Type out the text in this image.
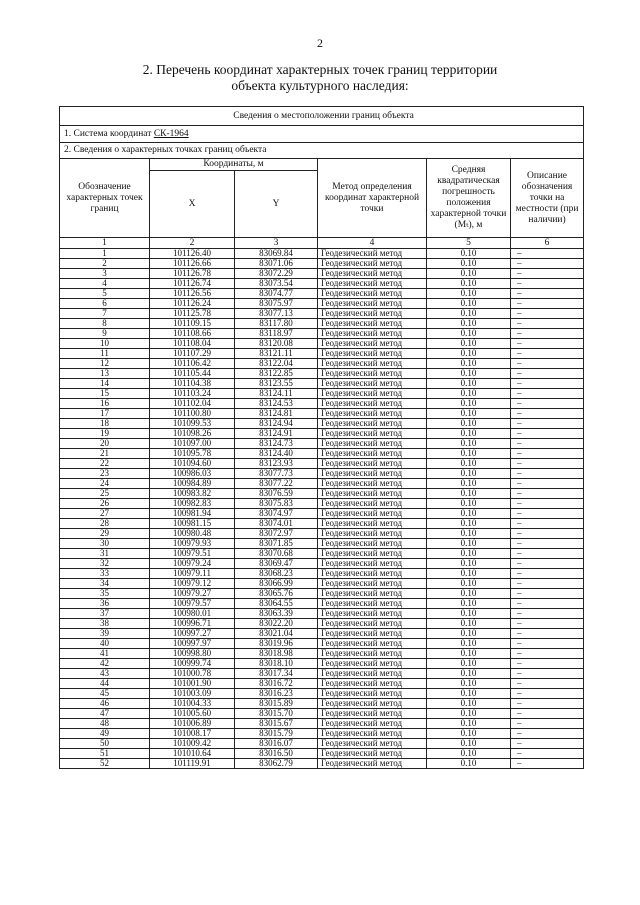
2
2. Перечень координат характерных точек границ территории
объекта культурного наследия:
Сведения о местоположении границ объекта					
1. Система координат СК-1964					
2. Сведения о характерных точках границ объекта					
Обозначение характерных точек границ	Координаты, м		Метод определения координат характерной точки	Средняя квадратическая погрешность положения характерной точки (Mₜ), м	Описание обозначения точки на местности (при наличии)
	X	Y			
1	2	3	4	5	6
1	101126.40	83069.84	Геодезический метод	0.10	–
2	101126.66	83071.06	Геодезический метод	0.10	–
3	101126.78	83072.29	Геодезический метод	0.10	–
4	101126.74	83073.54	Геодезический метод	0.10	–
5	101126.56	83074.77	Геодезический метод	0.10	–
6	101126.24	83075.97	Геодезический метод	0.10	–
7	101125.78	83077.13	Геодезический метод	0.10	–
8	101109.15	83117.80	Геодезический метод	0.10	–
9	101108.66	83118.97	Геодезический метод	0.10	–
10	101108.04	83120.08	Геодезический метод	0.10	–
11	101107.29	83121.11	Геодезический метод	0.10	–
12	101106.42	83122.04	Геодезический метод	0.10	–
13	101105.44	83122.85	Геодезический метод	0.10	–
14	101104.38	83123.55	Геодезический метод	0.10	–
15	101103.24	83124.11	Геодезический метод	0.10	–
16	101102.04	83124.53	Геодезический метод	0.10	–
17	101100.80	83124.81	Геодезический метод	0.10	–
18	101099.53	83124.94	Геодезический метод	0.10	–
19	101098.26	83124.91	Геодезический метод	0.10	–
20	101097.00	83124.73	Геодезический метод	0.10	–
21	101095.78	83124.40	Геодезический метод	0.10	–
22	101094.60	83123.93	Геодезический метод	0.10	–
23	100986.03	83077.73	Геодезический метод	0.10	–
24	100984.89	83077.22	Геодезический метод	0.10	–
25	100983.82	83076.59	Геодезический метод	0.10	–
26	100982.83	83075.83	Геодезический метод	0.10	–
27	100981.94	83074.97	Геодезический метод	0.10	–
28	100981.15	83074.01	Геодезический метод	0.10	–
29	100980.48	83072.97	Геодезический метод	0.10	–
30	100979.93	83071.85	Геодезический метод	0.10	–
31	100979.51	83070.68	Геодезический метод	0.10	–
32	100979.24	83069.47	Геодезический метод	0.10	–
33	100979.11	83068.23	Геодезический метод	0.10	–
34	100979.12	83066.99	Геодезический метод	0.10	–
35	100979.27	83065.76	Геодезический метод	0.10	–
36	100979.57	83064.55	Геодезический метод	0.10	–
37	100980.01	83063.39	Геодезический метод	0.10	–
38	100996.71	83022.20	Геодезический метод	0.10	–
39	100997.27	83021.04	Геодезический метод	0.10	–
40	100997.97	83019.96	Геодезический метод	0.10	–
41	100998.80	83018.98	Геодезический метод	0.10	–
42	100999.74	83018.10	Геодезический метод	0.10	–
43	101000.78	83017.34	Геодезический метод	0.10	–
44	101001.90	83016.72	Геодезический метод	0.10	–
45	101003.09	83016.23	Геодезический метод	0.10	–
46	101004.33	83015.89	Геодезический метод	0.10	–
47	101005.60	83015.70	Геодезический метод	0.10	–
48	101006.89	83015.67	Геодезический метод	0.10	–
49	101008.17	83015.79	Геодезический метод	0.10	–
50	101009.42	83016.07	Геодезический метод	0.10	–
51	101010.64	83016.50	Геодезический метод	0.10	–
52	101119.91	83062.79	Геодезический метод	0.10	–
